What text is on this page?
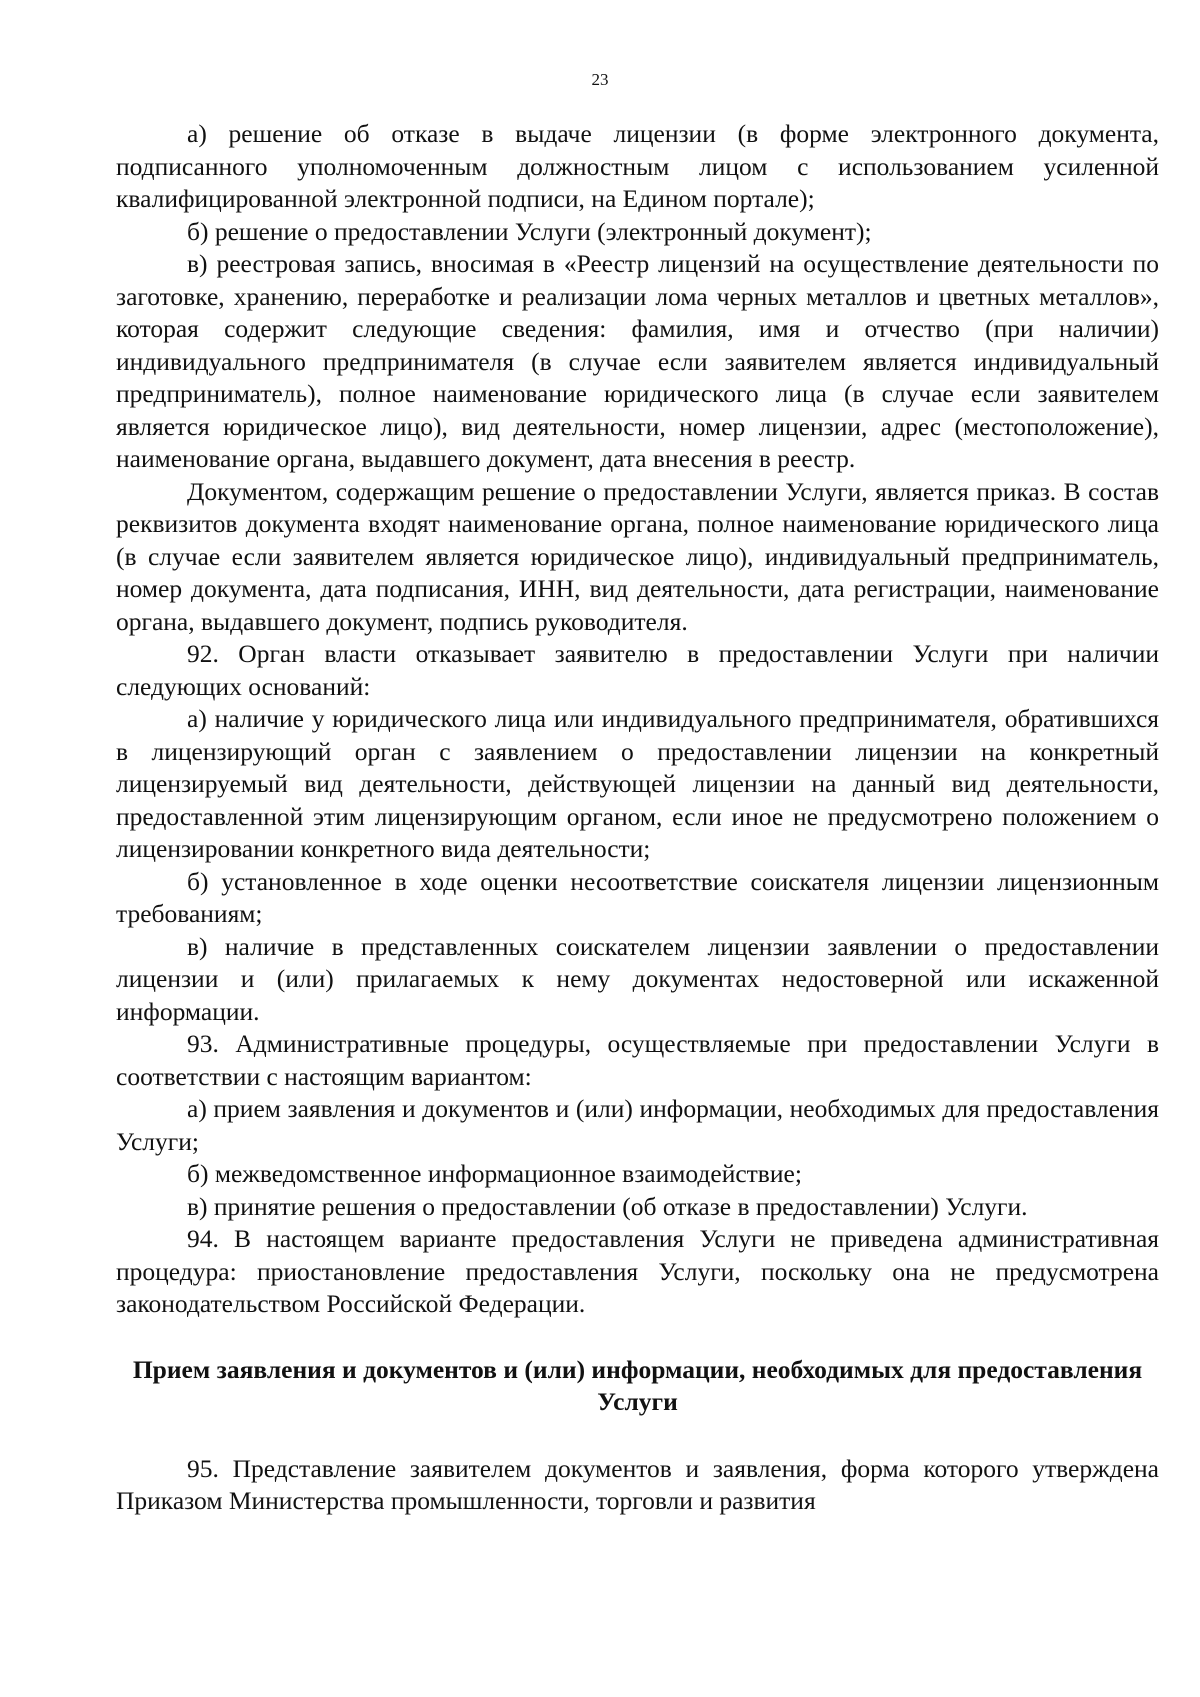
23

а) решение об отказе в выдаче лицензии (в форме электронного документа, подписанного уполномоченным должностным лицом с использованием усиленной квалифицированной электронной подписи, на Едином портале);

б) решение о предоставлении Услуги (электронный документ);

в) реестровая запись, вносимая в «Реестр лицензий на осуществление деятельности по заготовке, хранению, переработке и реализации лома черных металлов и цветных металлов», которая содержит следующие сведения: фамилия, имя и отчество (при наличии) индивидуального предпринимателя (в случае если заявителем является индивидуальный предприниматель), полное наименование юридического лица (в случае если заявителем является юридическое лицо), вид деятельности, номер лицензии, адрес (местоположение), наименование органа, выдавшего документ, дата внесения в реестр.

Документом, содержащим решение о предоставлении Услуги, является приказ. В состав реквизитов документа входят наименование органа, полное наименование юридического лица (в случае если заявителем является юридическое лицо), индивидуальный предприниматель, номер документа, дата подписания, ИНН, вид деятельности, дата регистрации, наименование органа, выдавшего документ, подпись руководителя.

92. Орган власти отказывает заявителю в предоставлении Услуги при наличии следующих оснований:

а) наличие у юридического лица или индивидуального предпринимателя, обратившихся в лицензирующий орган с заявлением о предоставлении лицензии на конкретный лицензируемый вид деятельности, действующей лицензии на данный вид деятельности, предоставленной этим лицензирующим органом, если иное не предусмотрено положением о лицензировании конкретного вида деятельности;

б) установленное в ходе оценки несоответствие соискателя лицензии лицензионным требованиям;

в) наличие в представленных соискателем лицензии заявлении о предоставлении лицензии и (или) прилагаемых к нему документах недостоверной или искаженной информации.

93. Административные процедуры, осуществляемые при предоставлении Услуги в соответствии с настоящим вариантом:

а) прием заявления и документов и (или) информации, необходимых для предоставления Услуги;

б) межведомственное информационное взаимодействие;

в) принятие решения о предоставлении (об отказе в предоставлении) Услуги.

94. В настоящем варианте предоставления Услуги не приведена административная процедура: приостановление предоставления Услуги, поскольку она не предусмотрена законодательством Российской Федерации.

Прием заявления и документов и (или) информации, необходимых для предоставления Услуги

95. Представление заявителем документов и заявления, форма которого утверждена Приказом Министерства промышленности, торговли и развития
